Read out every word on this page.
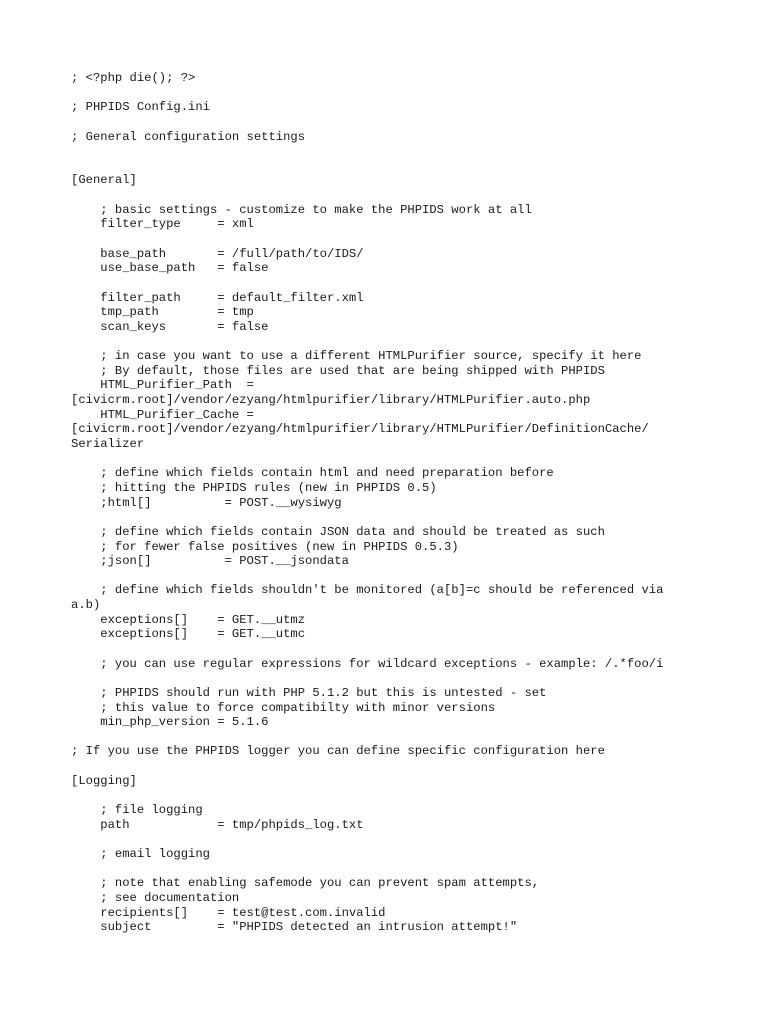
; <?php die(); ?>
; PHPIDS Config.ini
; General configuration settings
[General]
; basic settings - customize to make the PHPIDS work at all
filter_type     = xml
base_path       = /full/path/to/IDS/
use_base_path   = false
filter_path     = default_filter.xml
tmp_path        = tmp
scan_keys       = false
; in case you want to use a different HTMLPurifier source, specify it here
; By default, those files are used that are being shipped with PHPIDS
HTML_Purifier_Path  =
[civicrm.root]/vendor/ezyang/htmlpurifier/library/HTMLPurifier.auto.php
HTML_Purifier_Cache =
[civicrm.root]/vendor/ezyang/htmlpurifier/library/HTMLPurifier/DefinitionCache/
Serializer
; define which fields contain html and need preparation before
; hitting the PHPIDS rules (new in PHPIDS 0.5)
;html[]          = POST.__wysiwyg
; define which fields contain JSON data and should be treated as such
; for fewer false positives (new in PHPIDS 0.5.3)
;json[]          = POST.__jsondata
; define which fields shouldn't be monitored (a[b]=c should be referenced via
a.b)
exceptions[]    = GET.__utmz
exceptions[]    = GET.__utmc
; you can use regular expressions for wildcard exceptions - example: /.*foo/i
; PHPIDS should run with PHP 5.1.2 but this is untested - set
; this value to force compatibilty with minor versions
min_php_version = 5.1.6
; If you use the PHPIDS logger you can define specific configuration here
[Logging]
; file logging
path            = tmp/phpids_log.txt
; email logging
; note that enabling safemode you can prevent spam attempts,
; see documentation
recipients[]    = test@test.com.invalid
subject         = "PHPIDS detected an intrusion attempt!"
